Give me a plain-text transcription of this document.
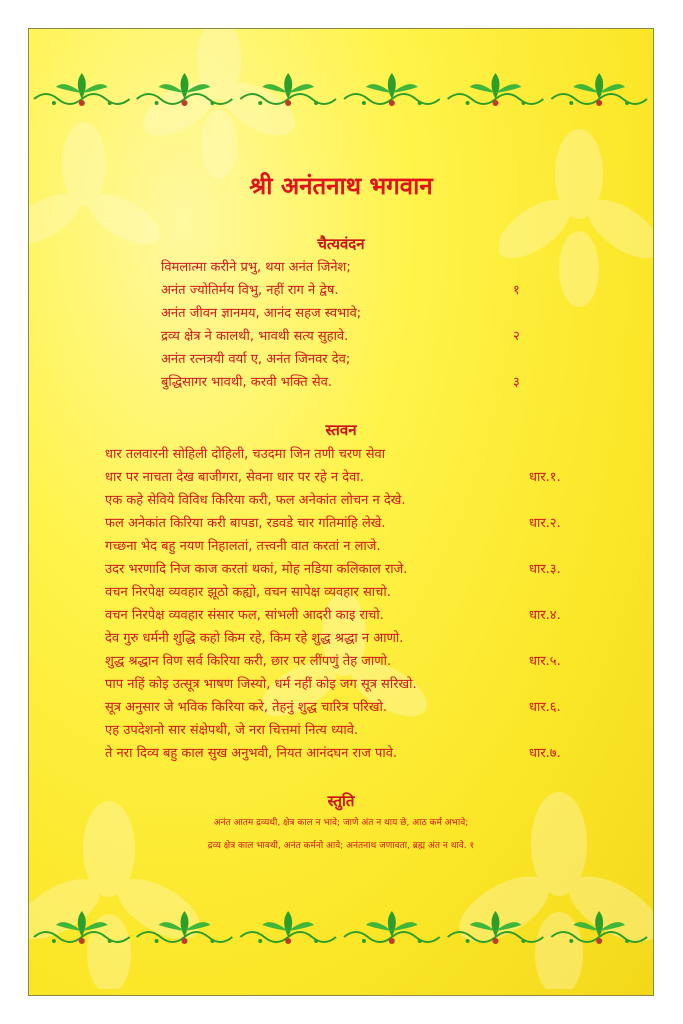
श्री अनंतनाथ भगवान
चैत्यवंदन
विमलात्मा करीने प्रभु, थया अनंत जिनेश;
अनंत ज्योतिर्मय विभु, नहीं राग ने द्वेष.	१
अनंत जीवन ज्ञानमय, आनंद सहज स्वभावे;
द्रव्य क्षेत्र ने कालथी, भावथी सत्य सुहावे.	२
अनंत रत्नत्रयी वर्या ए, अनंत जिनवर देव;
बुद्धिसागर भावथी, करवी भक्ति सेव.	३
स्तवन
धार तलवारनी सोहिली दोहिली, चउदमा जिन तणी चरण सेवा
धार पर नाचता देख बाजीगरा, सेवना धार पर रहे न देवा.	धार.१.
एक कहे सेविये विविध किरिया करी, फल अनेकांत लोचन न देखे.
फल अनेकांत किरिया करी बापडा, रडवडे चार गतिमांहि लेखे.	धार.२.
गच्छना भेद बहु नयण निहालतां, तत्त्वनी वात करतां न लाजे.
उदर भरणादि निज काज करतां थकां, मोह नडिया कलिकाल राजे.	धार.३.
वचन निरपेक्ष व्यवहार झूठो कह्यो, वचन सापेक्ष व्यवहार साचो.
वचन निरपेक्ष व्यवहार संसार फल, सांभली आदरी काइ राचो.	धार.४.
देव गुरु धर्मनी शुद्धि कहो किम रहे, किम रहे शुद्ध श्रद्धा न आणो.
शुद्ध श्रद्धान विण सर्व किरिया करी, छार पर लींपणुं तेह जाणो.	धार.५.
पाप नहिं कोइ उत्सूत्र भाषण जिस्यो, धर्म नहीं कोइ जग सूत्र सरिखो.
सूत्र अनुसार जे भविक किरिया करे, तेहनुं शुद्ध चारित्र परिखो.	धार.६.
एह उपदेशनो सार संक्षेपथी, जे नरा चित्तमां नित्य ध्यावे.
ते नरा दिव्य बहु काल सुख अनुभवी, नियत आनंदघन राज पावे.	धार.७.
स्तुति
अनंत आतम द्रव्यथी, क्षेत्र काल न भावे; जाणे अंत न थाय छे, आठ कर्म अभावे;
द्रव्य क्षेत्र काल भावथी, अनंत कर्मनो आवे; अनंतनाथ जणावता, ब्रह्म अंत न थावे. १
